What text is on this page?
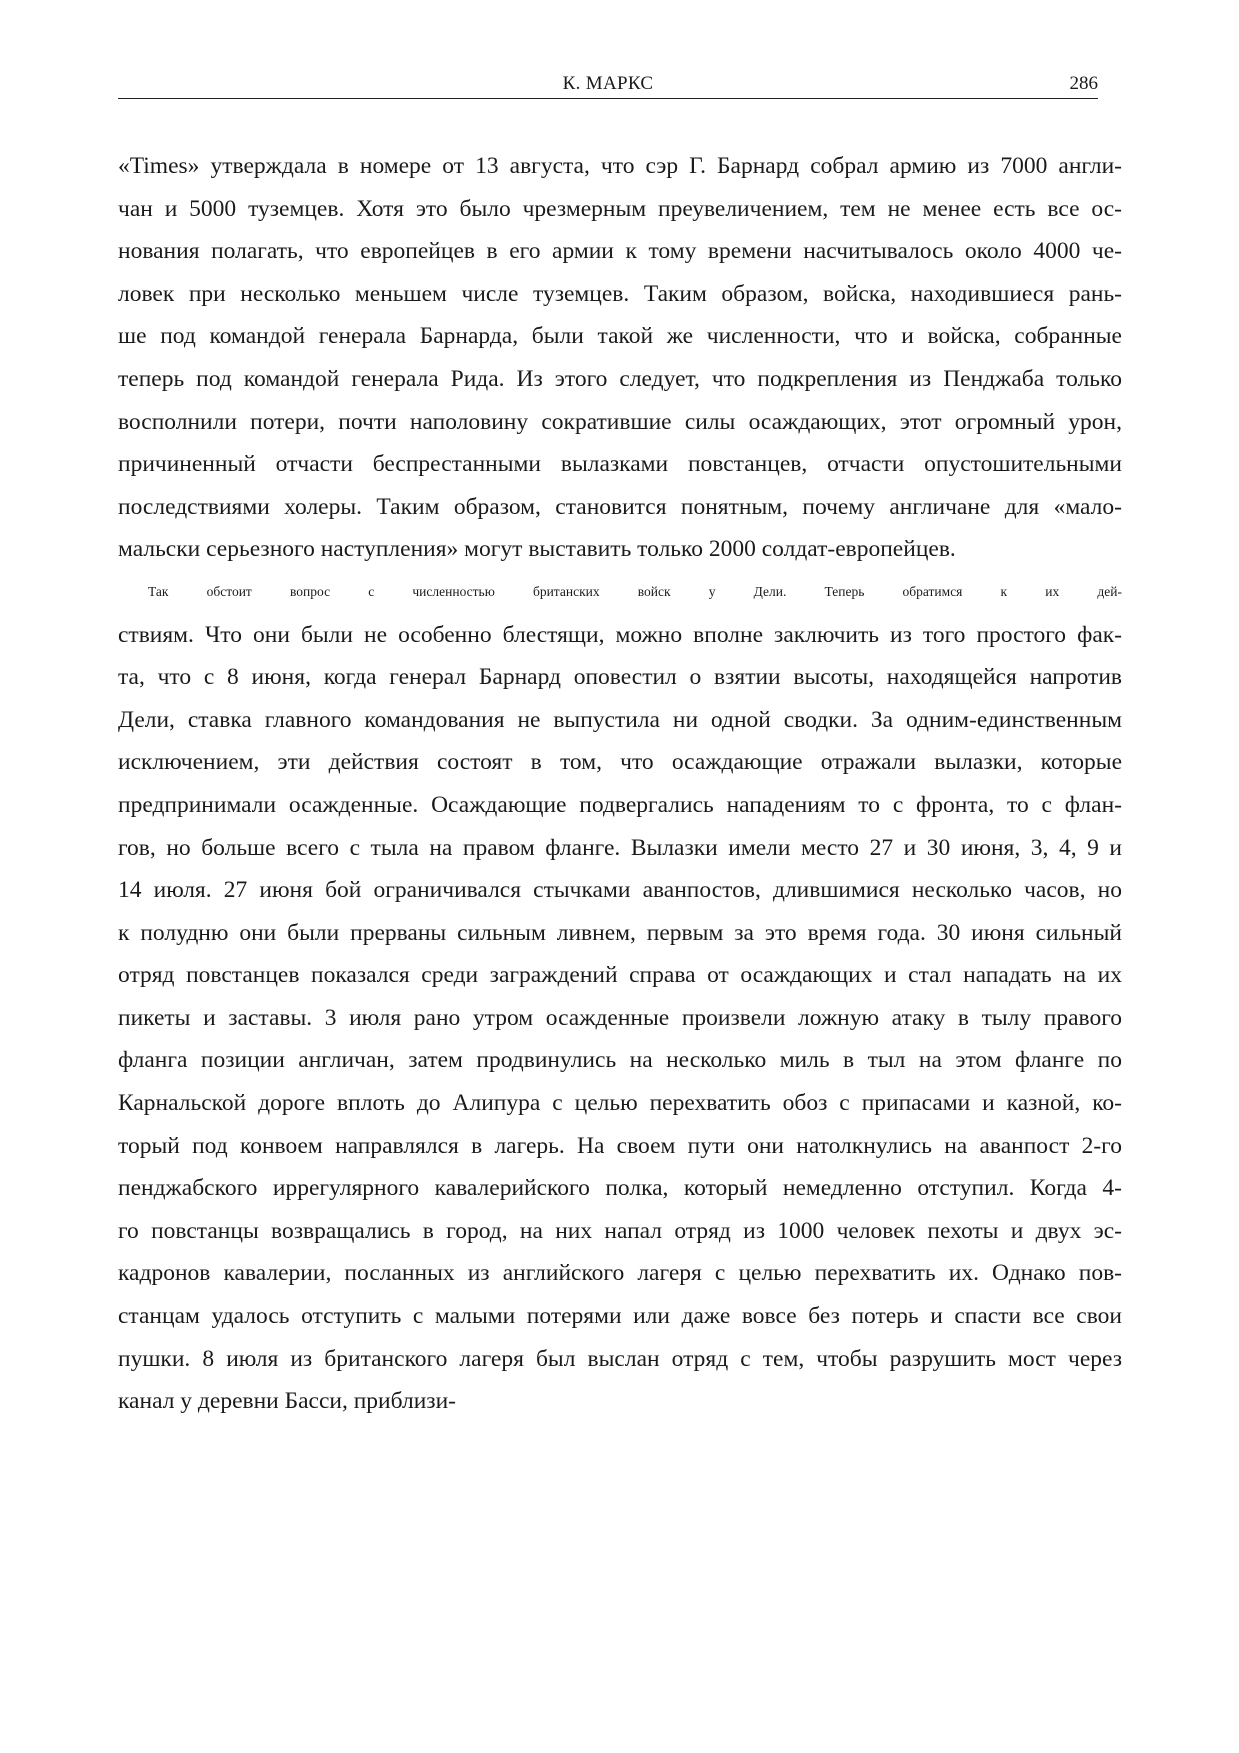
К. МАРКС	286

«Times» утверждала в номере от 13 августа, что сэр Г. Барнард собрал армию из 7000 англи-
чан и 5000 туземцев. Хотя это было чрезмерным преувеличением, тем не менее есть все ос-
нования полагать, что европейцев в его армии к тому времени насчитывалось около 4000 че-
ловек при несколько меньшем числе туземцев. Таким образом, войска, находившиеся рань-
ше под командой генерала Барнарда, были такой же численности, что и войска, собранные
теперь под командой генерала Рида. Из этого следует, что подкрепления из Пенджаба только
восполнили потери, почти наполовину сократившие силы осаждающих, этот огромный урон,
причиненный отчасти беспрестанными вылазками повстанцев, отчасти опустошительными
последствиями холеры. Таким образом, становится понятным, почему англичане для «мало-
мальски серьезного наступления» могут выставить только 2000 солдат-европейцев.

Так обстоит вопрос с численностью британских войск у Дели. Теперь обратимся к их дей-
ствиям. Что они были не особенно блестящи, можно вполне заключить из того простого фак-
та, что с 8 июня, когда генерал Барнард оповестил о взятии высоты, находящейся напротив
Дели, ставка главного командования не выпустила ни одной сводки. За одним-единственным
исключением, эти действия состоят в том, что осаждающие отражали вылазки, которые
предпринимали осажденные. Осаждающие подвергались нападениям то с фронта, то с флан-
гов, но больше всего с тыла на правом фланге. Вылазки имели место 27 и 30 июня, 3, 4, 9 и
14 июля. 27 июня бой ограничивался стычками аванпостов, длившимися несколько часов, но
к полудню они были прерваны сильным ливнем, первым за это время года. 30 июня сильный
отряд повстанцев показался среди заграждений справа от осаждающих и стал нападать на их
пикеты и заставы. 3 июля рано утром осажденные произвели ложную атаку в тылу правого
фланга позиции англичан, затем продвинулись на несколько миль в тыл на этом фланге по
Карнальской дороге вплоть до Алипура с целью перехватить обоз с припасами и казной, ко-
торый под конвоем направлялся в лагерь. На своем пути они натолкнулись на аванпост 2-го
пенджабского иррегулярного кавалерийского полка, который немедленно отступил. Когда 4-
го повстанцы возвращались в город, на них напал отряд из 1000 человек пехоты и двух эс-
кадронов кавалерии, посланных из английского лагеря с целью перехватить их. Однако пов-
станцам удалось отступить с малыми потерями или даже вовсе без потерь и спасти все свои
пушки. 8 июля из британского лагеря был выслан отряд с тем, чтобы разрушить мост через
канал у деревни Басси, приблизи-
